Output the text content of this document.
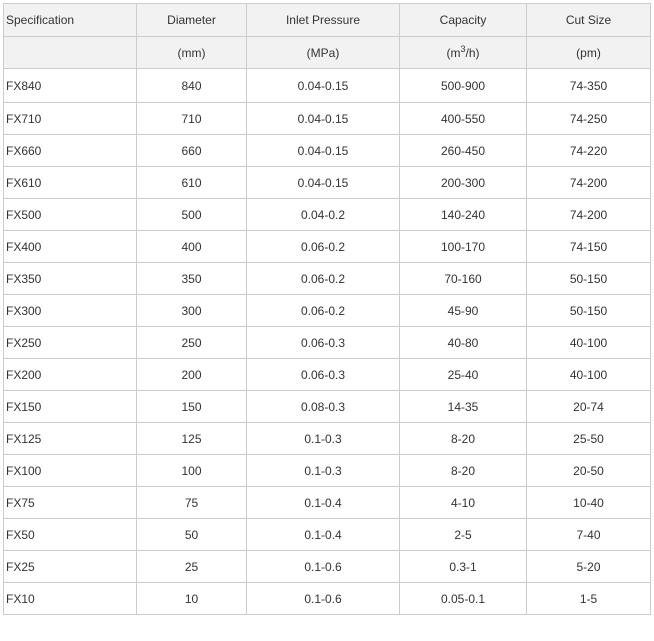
Specification	Diameter	Inlet Pressure	Capacity	Cut Size
	(mm)	(MPa)	$(m^3/h)$	(pm)
FX840	840	0.04-0.15	500-900	74-350
FX710	710	0.04-0.15	400-550	74-250
FX660	660	0.04-0.15	260-450	74-220
FX610	610	0.04-0.15	200-300	74-200
FX500	500	0.04-0.2	140-240	74-200
FX400	400	0.06-0.2	100-170	74-150
FX350	350	0.06-0.2	70-160	50-150
FX300	300	0.06-0.2	45-90	50-150
FX250	250	0.06-0.3	40-80	40-100
FX200	200	0.06-0.3	25-40	40-100
FX150	150	0.08-0.3	14-35	20-74
FX125	125	0.1-0.3	8-20	25-50
FX100	100	0.1-0.3	8-20	20-50
FX75	75	0.1-0.4	4-10	10-40
FX50	50	0.1-0.4	2-5	7-40
FX25	25	0.1-0.6	0.3-1	5-20
FX10	10	0.1-0.6	0.05-0.1	1-5
